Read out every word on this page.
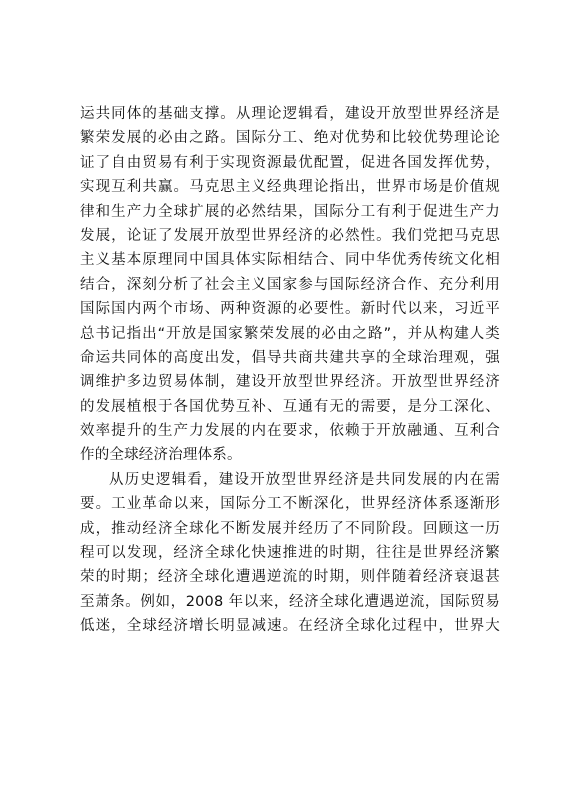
运共同体的基础支撑。从理论逻辑看，建设开放型世界经济是
繁荣发展的必由之路。国际分工、绝对优势和比较优势理论论
证了自由贸易有利于实现资源最优配置，促进各国发挥优势，
实现互利共赢。马克思主义经典理论指出，世界市场是价值规
律和生产力全球扩展的必然结果，国际分工有利于促进生产力
发展，论证了发展开放型世界经济的必然性。我们党把马克思
主义基本原理同中国具体实际相结合、同中华优秀传统文化相
结合，深刻分析了社会主义国家参与国际经济合作、充分利用
国际国内两个市场、两种资源的必要性。新时代以来，习近平
总书记指出“开放是国家繁荣发展的必由之路”，并从构建人类
命运共同体的高度出发，倡导共商共建共享的全球治理观，强
调维护多边贸易体制，建设开放型世界经济。开放型世界经济
的发展植根于各国优势互补、互通有无的需要，是分工深化、
效率提升的生产力发展的内在要求，依赖于开放融通、互利合
作的全球经济治理体系。
从历史逻辑看，建设开放型世界经济是共同发展的内在需
要。工业革命以来，国际分工不断深化，世界经济体系逐渐形
成，推动经济全球化不断发展并经历了不同阶段。回顾这一历
程可以发现，经济全球化快速推进的时期，往往是世界经济繁
荣的时期；经济全球化遭遇逆流的时期，则伴随着经济衰退甚
至萧条。例如，2008 年以来，经济全球化遭遇逆流，国际贸易
低迷，全球经济增长明显减速。在经济全球化过程中，世界大
